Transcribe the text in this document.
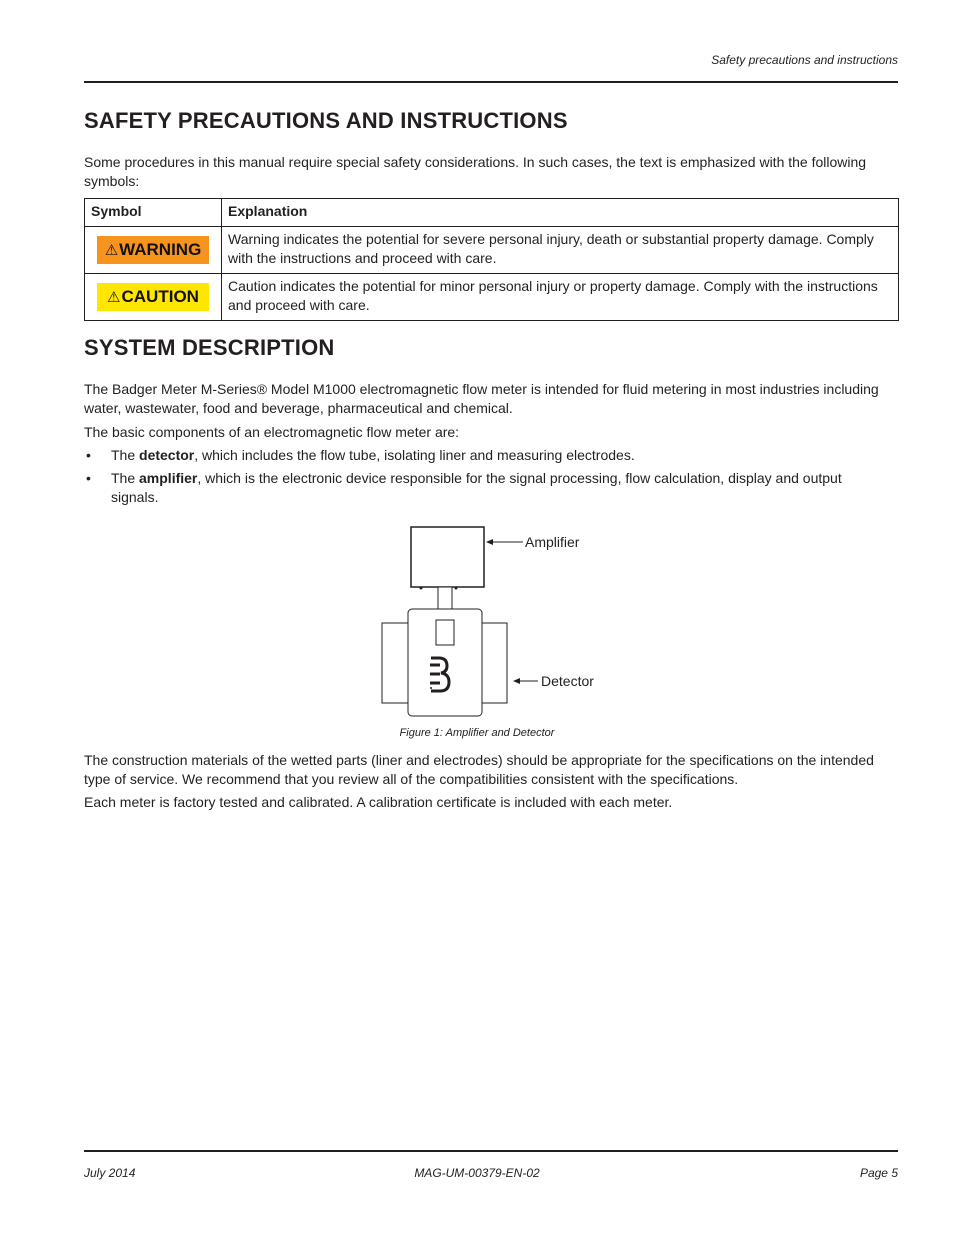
Safety precautions and instructions
SAFETY PRECAUTIONS AND INSTRUCTIONS

Some procedures in this manual require special safety considerations. In such cases, the text is emphasized with the following symbols:

Symbol	Explanation
⚠WARNING	Warning indicates the potential for severe personal injury, death or substantial property damage. Comply with the instructions and proceed with care.
⚠CAUTION	Caution indicates the potential for minor personal injury or property damage. Comply with the instructions and proceed with care.
SYSTEM DESCRIPTION

The Badger Meter M-Series® Model M1000 electromagnetic flow meter is intended for fluid metering in most industries including water, wastewater, food and beverage, pharmaceutical and chemical.

The basic components of an electromagnetic flow meter are:

• The detector, which includes the flow tube, isolating liner and measuring electrodes.
• The amplifier, which is the electronic device responsible for the signal processing, flow calculation, display and output signals.
Amplifier
Detector
Figure 1: Amplifier and Detector

The construction materials of the wetted parts (liner and electrodes) should be appropriate for the specifications on the intended type of service. We recommend that you review all of the compatibilities consistent with the specifications.

Each meter is factory tested and calibrated. A calibration certificate is included with each meter.

July 2014	MAG-UM-00379-EN-02	Page 5
